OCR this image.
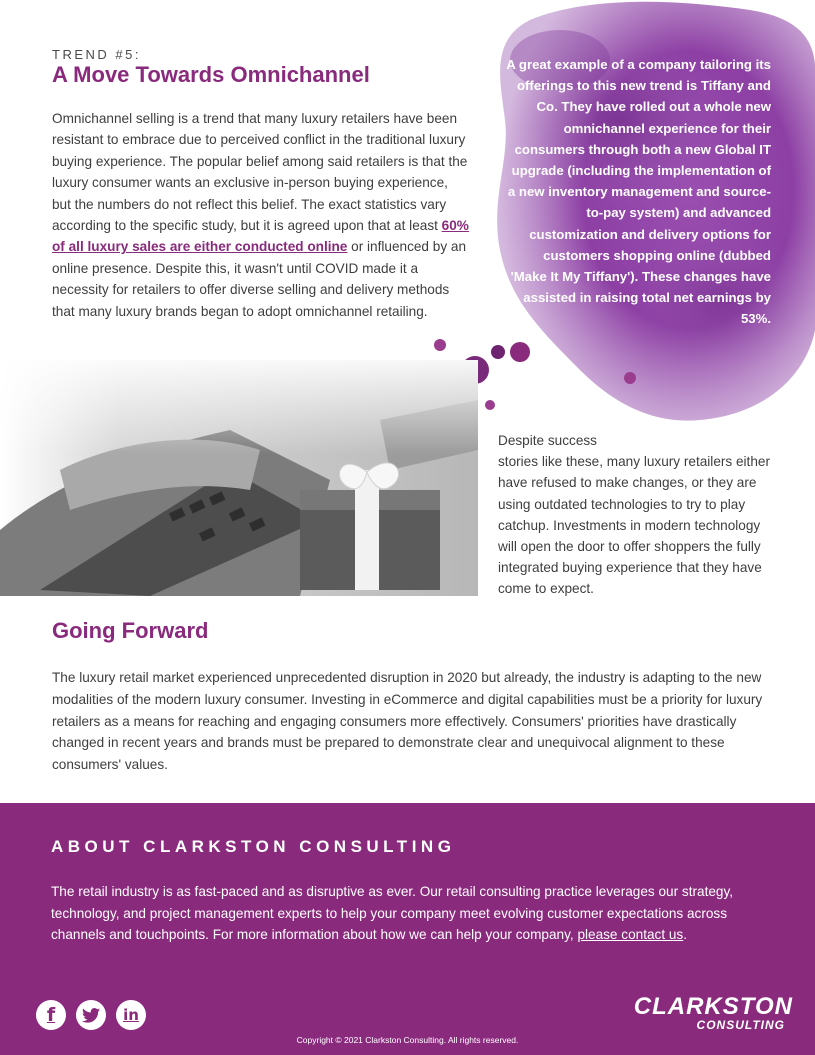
TREND #5:
A Move Towards Omnichannel

Omnichannel selling is a trend that many luxury retailers have been resistant to embrace due to perceived conflict in the traditional luxury buying experience. The popular belief among said retailers is that the luxury consumer wants an exclusive in-person buying experience, but the numbers do not reflect this belief. The exact statistics vary according to the specific study, but it is agreed upon that at least 60% of all luxury sales are either conducted online or influenced by an online presence. Despite this, it wasn't until COVID made it a necessity for retailers to offer diverse selling and delivery methods that many luxury brands began to adopt omnichannel retailing.

A great example of a company tailoring its offerings to this new trend is Tiffany and Co. They have rolled out a whole new omnichannel experience for their consumers through both a new Global IT upgrade (including the implementation of a new inventory management and source-to-pay system) and advanced customization and delivery options for customers shopping online (dubbed 'Make It My Tiffany'). These changes have assisted in raising total net earnings by 53%.

Despite success
stories like these, many luxury retailers either have refused to make changes, or they are using outdated technologies to try to play catchup. Investments in modern technology will open the door to offer shoppers the fully integrated buying experience that they have come to expect.

Going Forward

The luxury retail market experienced unprecedented disruption in 2020 but already, the industry is adapting to the new modalities of the modern luxury consumer. Investing in eCommerce and digital capabilities must be a priority for luxury retailers as a means for reaching and engaging consumers more effectively. Consumers' priorities have drastically changed in recent years and brands must be prepared to demonstrate clear and unequivocal alignment to these consumers' values.

ABOUT CLARKSTON CONSULTING

The retail industry is as fast-paced and as disruptive as ever. Our retail consulting practice leverages our strategy, technology, and project management experts to help your company meet evolving customer expectations across channels and touchpoints. For more information about how we can help your company, please contact us.

f	in	CLARKSTON
CONSULTING
Copyright © 2021 Clarkston Consulting. All rights reserved.
